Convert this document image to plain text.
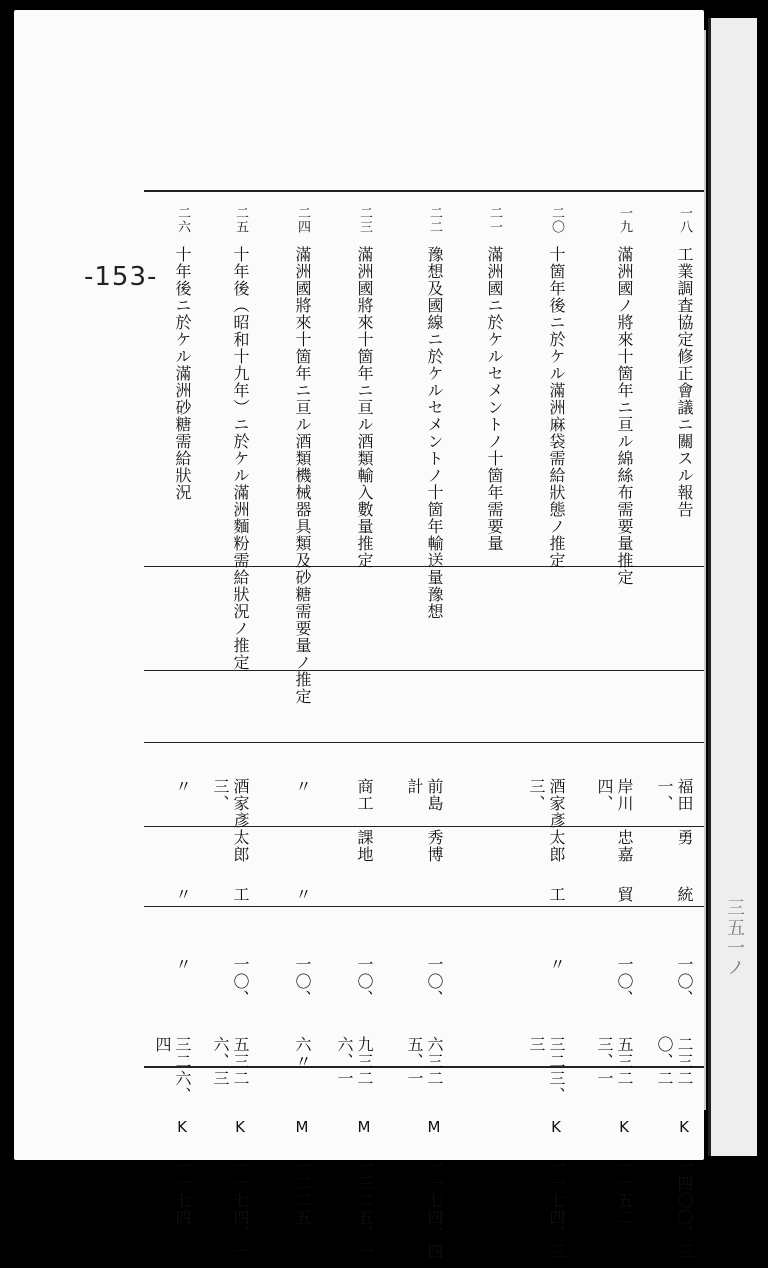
-153-
一八
工業調査協定修正會議ニ關スル報告
福田　勇一、
統
一〇、
二三二〇、二
K
一四〇〇、三
一九
滿洲國ノ將來十箇年ニ亘ル綿絲布需要量推定
岸川　忠嘉四、
貿
一〇、
五三二三、一
K
一一五二
二〇
十箇年後ニ於ケル滿洲麻袋需給狀態ノ推定
酒家彥太郎三、
工
〃
三二三、三
K
一一七四、三
二一
滿洲國ニ於ケルセメントノ十箇年需要量
二二
豫想及國線ニ於ケルセメントノ十箇年輸送量豫想
前島　秀博計
一〇、
六三二五、一
M
一一七四、四
二三
滿洲國將來十箇年ニ亘ル酒類輸入數量推定
商工　課地
一〇、
九三二六、一
M
一三二五、一
二四
滿洲國將來十箇年ニ亘ル酒類機械器具類及砂糖需要量ノ推定
〃
〃
一〇、
六〃
M
一二二五
二五
十年後（昭和十九年）ニ於ケル滿洲麵粉需給狀況ノ推定
酒家彥太郎三、
工
一〇、
五三二六、三
K
一一七四、一
二六
十年後ニ於ケル滿洲砂糖需給狀況
〃
〃
〃
三二六、四
K
一一七四
三五一ノ
